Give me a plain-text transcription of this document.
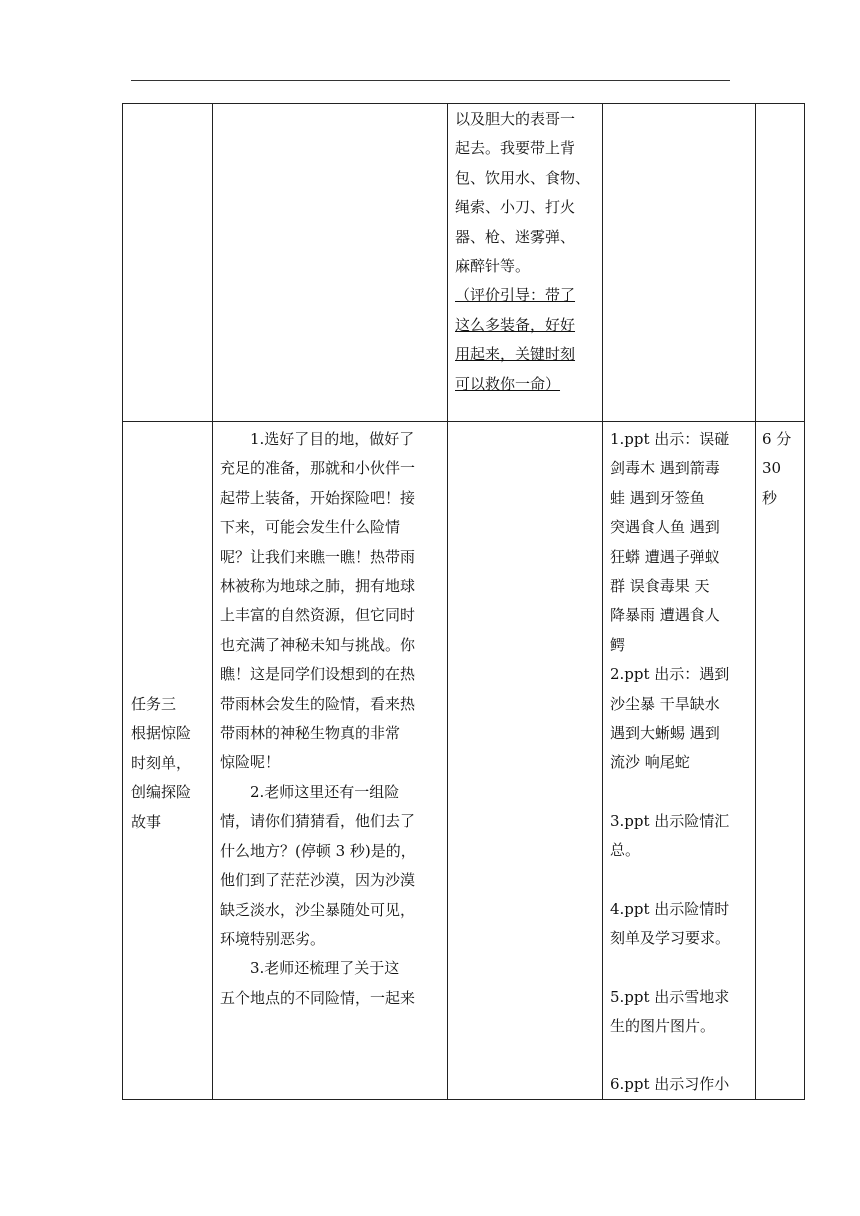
以及胆大的表哥一

起去。我要带上背

包、饮用水、食物、

绳索、小刀、打火

器、枪、迷雾弹、

麻醉针等。

（评价引导：带了

这么多装备，好好

用起来，关键时刻

可以救你一命）

任务三

根据惊险

时刻单，

创编探险

故事

1.选好了目的地，做好了

充足的准备，那就和小伙伴一

起带上装备，开始探险吧！接

下来，可能会发生什么险情

呢？让我们来瞧一瞧！热带雨

林被称为地球之肺，拥有地球

上丰富的自然资源，但它同时

也充满了神秘未知与挑战。你

瞧！这是同学们设想到的在热

带雨林会发生的险情，看来热

带雨林的神秘生物真的非常

惊险呢！

2.老师这里还有一组险

情，请你们猜猜看，他们去了

什么地方？(停顿 3 秒)是的，

他们到了茫茫沙漠，因为沙漠

缺乏淡水，沙尘暴随处可见，

环境特别恶劣。

3.老师还梳理了关于这

五个地点的不同险情，一起来

1.ppt 出示：误碰

剑毒木 遇到箭毒

蛙 遇到牙签鱼

突遇食人鱼 遇到

狂蟒 遭遇子弹蚁

群 误食毒果 天

降暴雨 遭遇食人

鳄

2.ppt 出示：遇到

沙尘暴 干旱缺水

遇到大蜥蜴 遇到

流沙 响尾蛇

3.ppt 出示险情汇

总。

4.ppt 出示险情时

刻单及学习要求。

5.ppt 出示雪地求

生的图片图片。

6.ppt 出示习作小

6 分

30

秒
